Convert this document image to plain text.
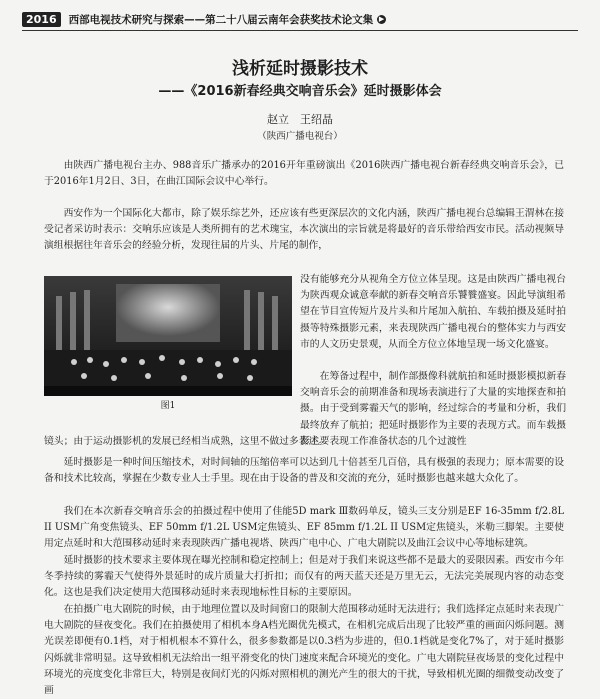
2016	西部电视技术研究与探索——第二十八届云南年会获奖技术论文集 ▶
浅析延时摄影技术
——《2016新春经典交响音乐会》延时摄影体会
赵立　王绍晶
（陕西广播电视台）
由陕西广播电视台主办、988音乐广播承办的2016开年重磅演出《2016陕西广播电视台新春经典交响音乐会》，已于2016年1月2日、3日，在曲江国际会议中心举行。
西安作为一个国际化大都市，除了娱乐综艺外，还应该有些更深层次的文化内涵，陕西广播电视台总编辑王渭林在接受记者采访时表示：交响乐应该是人类所拥有的艺术瑰宝，本次演出的宗旨就是将最好的音乐带给西安市民。活动视频导演组根据往年音乐会的经验分析，发现往届的片头、片尾的制作，
没有能够充分从视角全方位立体呈现。这是由陕西广播电视台为陕西观众诚意奉献的新春交响音乐饕餮盛宴。因此导演组希望在节目宣传短片及片头和片尾加入航拍、车载拍摄及延时拍摄等特殊摄影元素，来表现陕西广播电视台的整体实力与西安市的人文历史景观，从而全方位立体地呈现一场文化盛宴。
在筹备过程中，制作部摄像科就航拍和延时摄影模拟新春交响音乐会的前期准备和现场表演进行了大量的实地探查和拍摄。由于受到雾霾天气的影响，经过综合的考量和分析，我们最终放弃了航拍；把延时摄影作为主要的表现方式。而车载摄影主要表现工作准备状态的几个过渡性
镜头；由于运动摄影机的发展已经相当成熟，这里不做过多表述。
延时摄影是一种时间压缩技术，对时间轴的压缩倍率可以达到几十倍甚至几百倍，具有极强的表现力；原本需要的设备和技术比较高，掌握在少数专业人士手里。现在由于设备的普及和交流的充分，延时摄影也越来越大众化了。
我们在本次新春交响音乐会的拍摄过程中使用了佳能5D mark Ⅲ数码单反，镜头三支分别是EF 16-35mm f/2.8L II USM广角变焦镜头、EF 50mm f/1.2L USM定焦镜头、EF 85mm f/1.2L II USM定焦镜头，米勒三脚架。主要使用定点延时和大范围移动延时来表现陕西广播电视塔、陕西广电中心、广电大剧院以及曲江会议中心等地标建筑。
延时摄影的技术要求主要体现在曝光控制和稳定控制上；但是对于我们来说这些都不是最大的妥限因素。西安市今年冬季持续的雾霾天气使得外景延时的成片质量大打折扣；而仅有的两天蓝天还是万里无云，无法完美展现内容的动态变化。这也是我们决定使用大范围移动延时来表现地标性目标的主要原因。
在拍摄广电大剧院的时候，由于地理位置以及时间窗口的限制大范围移动延时无法进行；我们选择定点延时来表现广电大剧院的昼夜变化。我们在拍摄使用了相机本身A档光圈优先模式，在相机完成后出现了比较严重的画面闪烁问题。测光误差即便有0.1档，对于相机根本不算什么，很多参数都是以0.3档为步进的，但0.1档就是变化7%了，对于延时摄影闪烁就非常明显。这导致相机无法给出一组平滑变化的快门速度来配合环境光的变化。广电大剧院昼夜场景的变化过程中环境光的亮度变化非常巨大，特别是夜间灯光的闪烁对照相机的测光产生的很大的干扰，导致相机光圈的细微变动改变了画
图1
